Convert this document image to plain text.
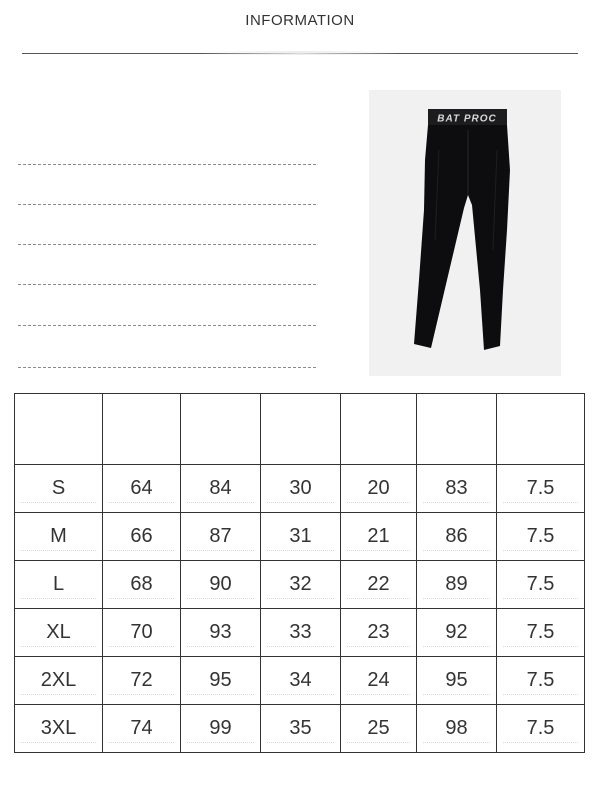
INFORMATION
BAT PROC

S	64	84	30	20	83	7.5

M	66	87	31	21	86	7.5

L	68	90	32	22	89	7.5

XL	70	93	33	23	92	7.5

2XL	72	95	34	24	95	7.5

3XL	74	99	35	25	98	7.5
